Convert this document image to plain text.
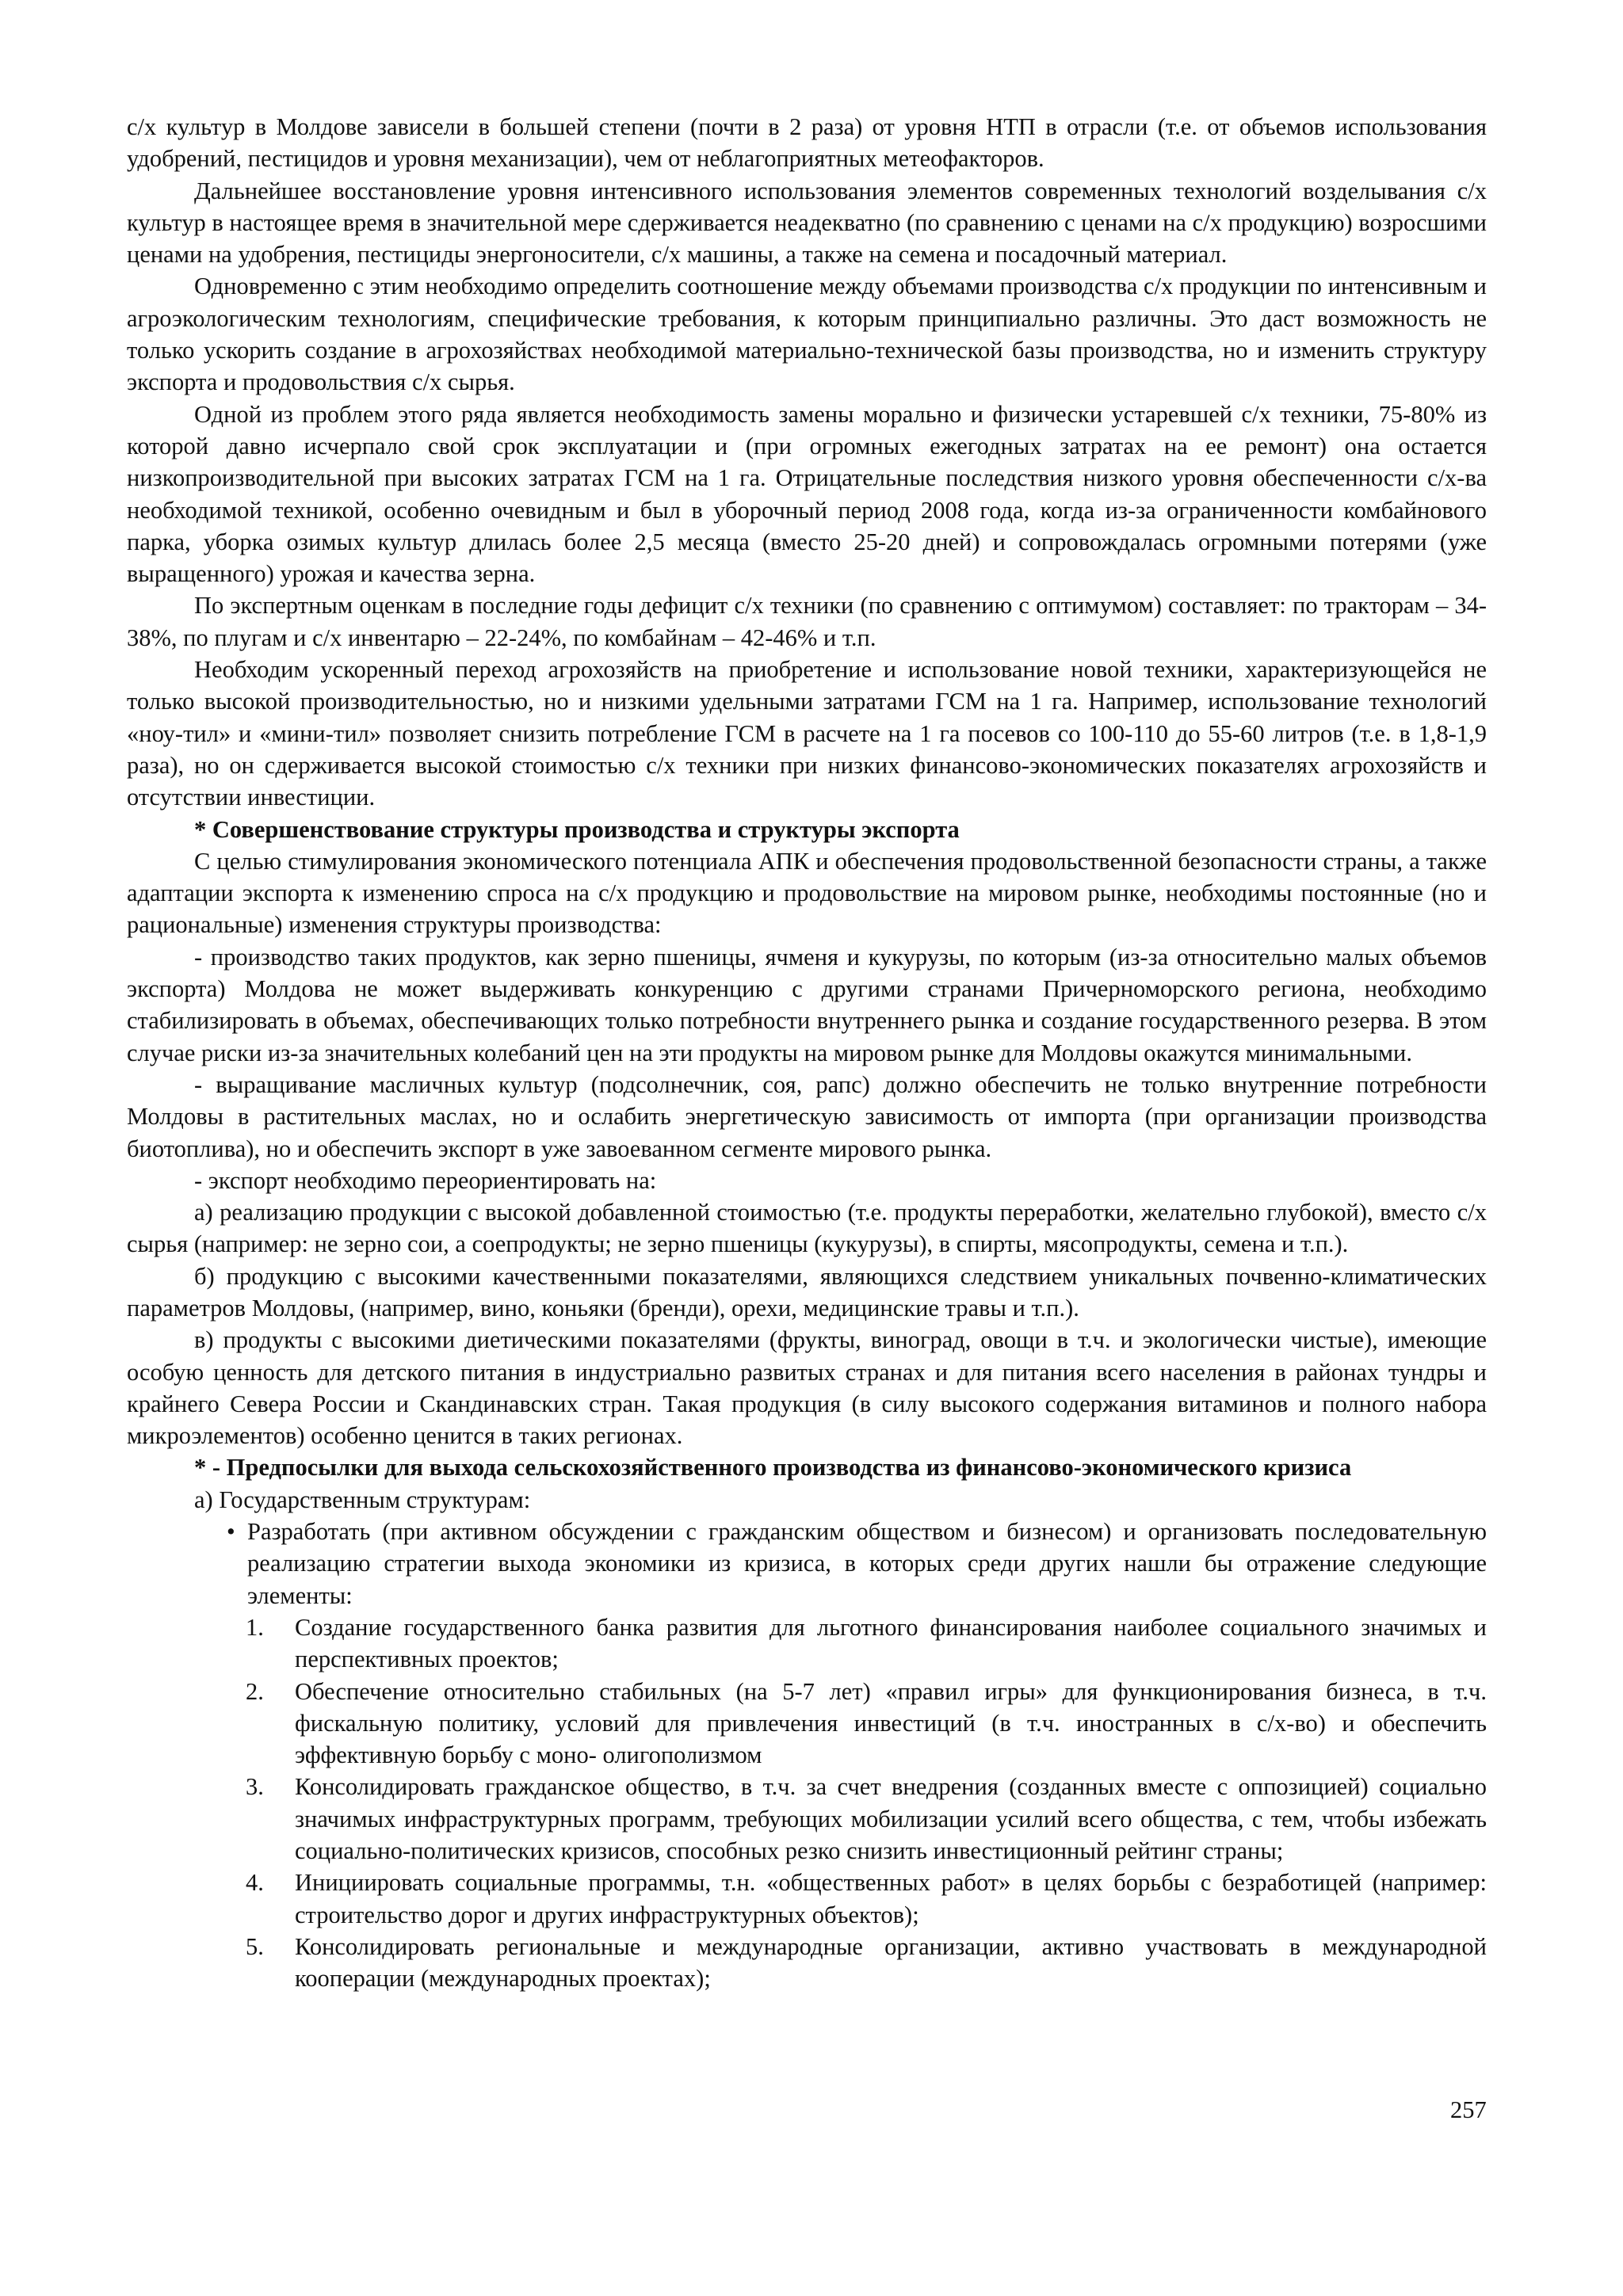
с/х культур в Молдове зависели в большей степени (почти в 2 раза) от уровня НТП в отрасли (т.е. от объемов использования удобрений, пестицидов и уровня механизации), чем от неблагоприятных метеофакторов.

Дальнейшее восстановление уровня интенсивного использования элементов современных технологий возделывания с/х культур в настоящее время в значительной мере сдерживается неадекватно (по сравнению с ценами на с/х продукцию) возросшими ценами на удобрения, пестициды энергоносители, с/х машины, а также на семена и посадочный материал.

Одновременно с этим необходимо определить соотношение между объемами производства с/х продукции по интенсивным и агроэкологическим технологиям, специфические требования, к которым принципиально различны. Это даст возможность не только ускорить создание в агрохозяйствах необходимой материально-технической базы производства, но и изменить структуру экспорта и продовольствия с/х сырья.

Одной из проблем этого ряда является необходимость замены морально и физически устаревшей с/х техники, 75-80% из которой давно исчерпало свой срок эксплуатации и (при огромных ежегодных затратах на ее ремонт) она остается низкопроизводительной при высоких затратах ГСМ на 1 га. Отрицательные последствия низкого уровня обеспеченности с/х-ва необходимой техникой, особенно очевидным и был в уборочный период 2008 года, когда из-за ограниченности комбайнового парка, уборка озимых культур длилась более 2,5 месяца (вместо 25-20 дней) и сопровождалась огромными потерями (уже выращенного) урожая и качества зерна.

По экспертным оценкам в последние годы дефицит с/х техники (по сравнению с оптимумом) составляет: по тракторам – 34-38%, по плугам и с/х инвентарю – 22-24%, по комбайнам – 42-46% и т.п.

Необходим ускоренный переход агрохозяйств на приобретение и использование новой техники, характеризующейся не только высокой производительностью, но и низкими удельными затратами ГСМ на 1 га. Например, использование технологий «ноу-тил» и «мини-тил» позволяет снизить потребление ГСМ в расчете на 1 га посевов со 100-110 до 55-60 литров (т.е. в 1,8-1,9 раза), но он сдерживается высокой стоимостью с/х техники при низких финансово-экономических показателях агрохозяйств и отсутствии инвестиции.

* Совершенствование структуры производства и структуры экспорта

С целью стимулирования экономического потенциала АПК и обеспечения продовольственной безопасности страны, а также адаптации экспорта к изменению спроса на с/х продукцию и продовольствие на мировом рынке, необходимы постоянные (но и рациональные) изменения структуры производства:

- производство таких продуктов, как зерно пшеницы, ячменя и кукурузы, по которым (из-за относительно малых объемов экспорта) Молдова не может выдерживать конкуренцию с другими странами Причерноморского региона, необходимо стабилизировать в объемах, обеспечивающих только потребности внутреннего рынка и создание государственного резерва. В этом случае риски из-за значительных колебаний цен на эти продукты на мировом рынке для Молдовы окажутся минимальными.

- выращивание масличных культур (подсолнечник, соя, рапс) должно обеспечить не только внутренние потребности Молдовы в растительных маслах, но и ослабить энергетическую зависимость от импорта (при организации производства биотоплива), но и обеспечить экспорт в уже завоеванном сегменте мирового рынка.

- экспорт необходимо переориентировать на:

а) реализацию продукции с высокой добавленной стоимостью (т.е. продукты переработки, желательно глубокой), вместо с/х сырья (например: не зерно сои, а соепродукты; не зерно пшеницы (кукурузы), в спирты, мясопродукты, семена и т.п.).

б) продукцию с высокими качественными показателями, являющихся следствием уникальных почвенно-климатических параметров Молдовы, (например, вино, коньяки (бренди), орехи, медицинские травы и т.п.).

в) продукты с высокими диетическими показателями (фрукты, виноград, овощи в т.ч. и экологически чистые), имеющие особую ценность для детского питания в индустриально развитых странах и для питания всего населения в районах тундры и крайнего Севера России и Скандинавских стран. Такая продукция (в силу высокого содержания витаминов и полного набора микроэлементов) особенно ценится в таких регионах.

* - Предпосылки для выхода сельскохозяйственного производства из финансово-экономического кризиса

а) Государственным структурам:

• Разработать (при активном обсуждении с гражданским обществом и бизнесом) и организовать последовательную реализацию стратегии выхода экономики из кризиса, в которых среди других нашли бы отражение следующие элементы:
1. Создание государственного банка развития для льготного финансирования наиболее социального значимых и перспективных проектов;
2. Обеспечение относительно стабильных (на 5-7 лет) «правил игры» для функционирования бизнеса, в т.ч. фискальную политику, условий для привлечения инвестиций (в т.ч. иностранных в с/х-во) и обеспечить эффективную борьбу с моно- олигополизмом
3. Консолидировать гражданское общество, в т.ч. за счет внедрения (созданных вместе с оппозицией) социально значимых инфраструктурных программ, требующих мобилизации усилий всего общества, с тем, чтобы избежать социально-политических кризисов, способных резко снизить инвестиционный рейтинг страны;
4. Инициировать социальные программы, т.н. «общественных работ» в целях борьбы с безработицей (например: строительство дорог и других инфраструктурных объектов);
5. Консолидировать региональные и международные организации, активно участвовать в международной кооперации (международных проектах);
257
